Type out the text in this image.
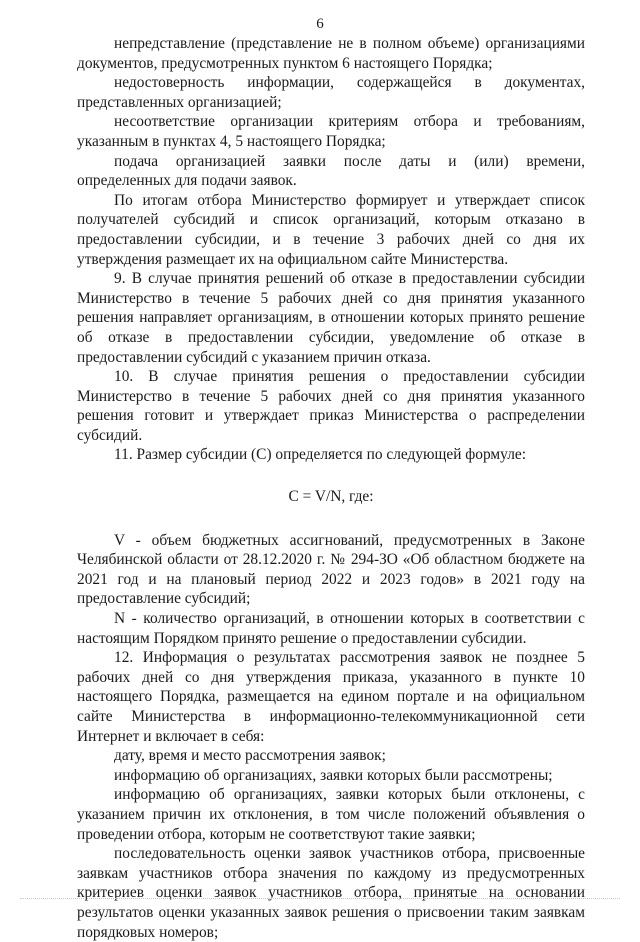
6

непредставление (представление не в полном объеме) организациями документов, предусмотренных пунктом 6 настоящего Порядка;

недостоверность информации, содержащейся в документах, представленных организацией;

несоответствие организации критериям отбора и требованиям, указанным в пунктах 4, 5 настоящего Порядка;

подача организацией заявки после даты и (или) времени, определенных для подачи заявок.

По итогам отбора Министерство формирует и утверждает список получателей субсидий и список организаций, которым отказано в предоставлении субсидии, и в течение 3 рабочих дней со дня их утверждения размещает их на официальном сайте Министерства.

9. В случае принятия решений об отказе в предоставлении субсидии Министерство в течение 5 рабочих дней со дня принятия указанного решения направляет организациям, в отношении которых принято решение об отказе в предоставлении субсидии, уведомление об отказе в предоставлении субсидий с указанием причин отказа.

10. В случае принятия решения о предоставлении субсидии Министерство в течение 5 рабочих дней со дня принятия указанного решения готовит и утверждает приказ Министерства о распределении субсидий.

11. Размер субсидии (С) определяется по следующей формуле:

C = V/N, где:

V - объем бюджетных ассигнований, предусмотренных в Законе Челябинской области от 28.12.2020 г. № 294-ЗО «Об областном бюджете на 2021 год и на плановый период 2022 и 2023 годов» в 2021 году на предоставление субсидий;

N - количество организаций, в отношении которых в соответствии с настоящим Порядком принято решение о предоставлении субсидии.

12. Информация о результатах рассмотрения заявок не позднее 5 рабочих дней со дня утверждения приказа, указанного в пункте 10 настоящего Порядка, размещается на едином портале и на официальном сайте Министерства в информационно-телекоммуникационной сети Интернет и включает в себя:

дату, время и место рассмотрения заявок;

информацию об организациях, заявки которых были рассмотрены;

информацию об организациях, заявки которых были отклонены, с указанием причин их отклонения, в том числе положений объявления о проведении отбора, которым не соответствуют такие заявки;

последовательность оценки заявок участников отбора, присвоенные заявкам участников отбора значения по каждому из предусмотренных критериев оценки заявок участников отбора, принятые на основании результатов оценки указанных заявок решения о присвоении таким заявкам порядковых номеров;
